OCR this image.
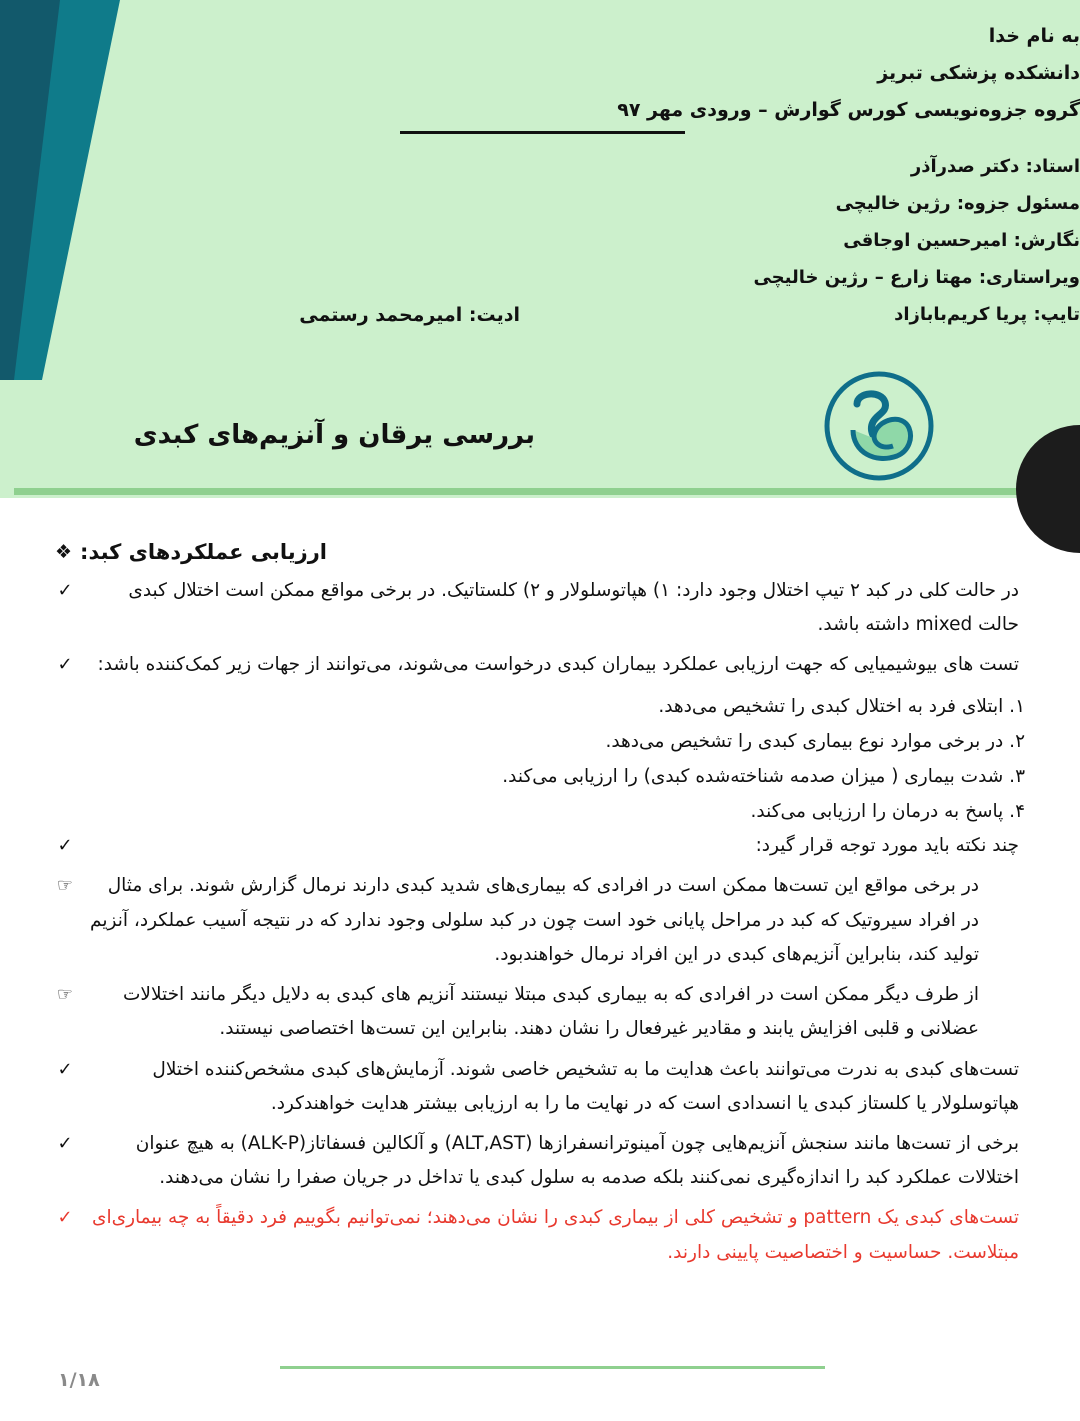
به نام خدا
دانشکده پزشکی تبریز
گروه جزوه‌نویسی کورس گوارش – ورودی مهر ۹۷
استاد: دکتر صدرآذر
مسئول جزوه: رژین خالیچی
نگارش: امیرحسین اوجاقی
ویراستاری: مهتا زارع – رژین خالیچی
تایپ: پریا کریم‌بابازاد
ادیت: امیرمحمد رستمی
بررسی یرقان و آنزیم‌های کبدی
❖ ارزیابی عملکردهای کبد:
✓	در حالت کلی در کبد ۲ تیپ اختلال وجود دارد: ۱) هپاتوسلولار و ۲) کلستاتیک. در برخی مواقع ممکن است اختلال کبدی حالت mixed داشته باشد.
✓	تست های بیوشیمیایی که جهت ارزیابی عملکرد بیماران کبدی درخواست می‌شوند، می‌توانند از جهات زیر کمک‌کننده باشد:
۱. ابتلای فرد به اختلال کبدی را تشخیص می‌دهد.
۲. در برخی موارد نوع بیماری کبدی را تشخیص می‌دهد.
۳. شدت بیماری ( میزان صدمه شناخته‌شده کبدی) را ارزیابی می‌کند.
۴. پاسخ به درمان را ارزیابی می‌کند.
✓	چند نکته باید مورد توجه قرار گیرد:
☞	در برخی مواقع این تست‌ها ممکن است در افرادی که بیماری‌های شدید کبدی دارند نرمال گزارش شوند. برای مثال در افراد سیروتیک که کبد در مراحل پایانی خود است چون در کبد سلولی وجود ندارد که در نتیجه آسیب عملکرد، آنزیم تولید کند، بنابراین آنزیم‌های کبدی در این افراد نرمال خواهندبود.
☞	از طرف دیگر ممکن است در افرادی که به بیماری کبدی مبتلا نیستند آنزیم های کبدی به دلایل دیگر مانند اختلالات عضلانی و قلبی افزایش یابند و مقادیر غیرفعال را نشان دهند. بنابراین این تست‌ها اختصاصی نیستند.
✓	تست‌های کبدی به ندرت می‌توانند باعث هدایت ما به تشخیص خاصی شوند. آزمایش‌های کبدی مشخص‌کننده اختلال هپاتوسلولار یا کلستاز کبدی یا انسدادی است که در نهایت ما را به ارزیابی بیشتر هدایت خواهندکرد.
✓	برخی از تست‌ها مانند سنجش آنزیم‌هایی چون آمینوترانسفرازها (ALT,AST) و آلکالین فسفاتاز(ALK-P) به هیچ عنوان اختلالات عملکرد کبد را اندازه‌گیری نمی‌کنند بلکه صدمه به سلول کبدی یا تداخل در جریان صفرا را نشان می‌دهند.
✓	تست‌های کبدی یک pattern و تشخیص کلی از بیماری کبدی را نشان می‌دهند؛ نمی‌توانیم بگوییم فرد دقیقاً به چه بیماری‌ای مبتلاست. حساسیت و اختصاصیت پایینی دارند.
۱/۱۸
